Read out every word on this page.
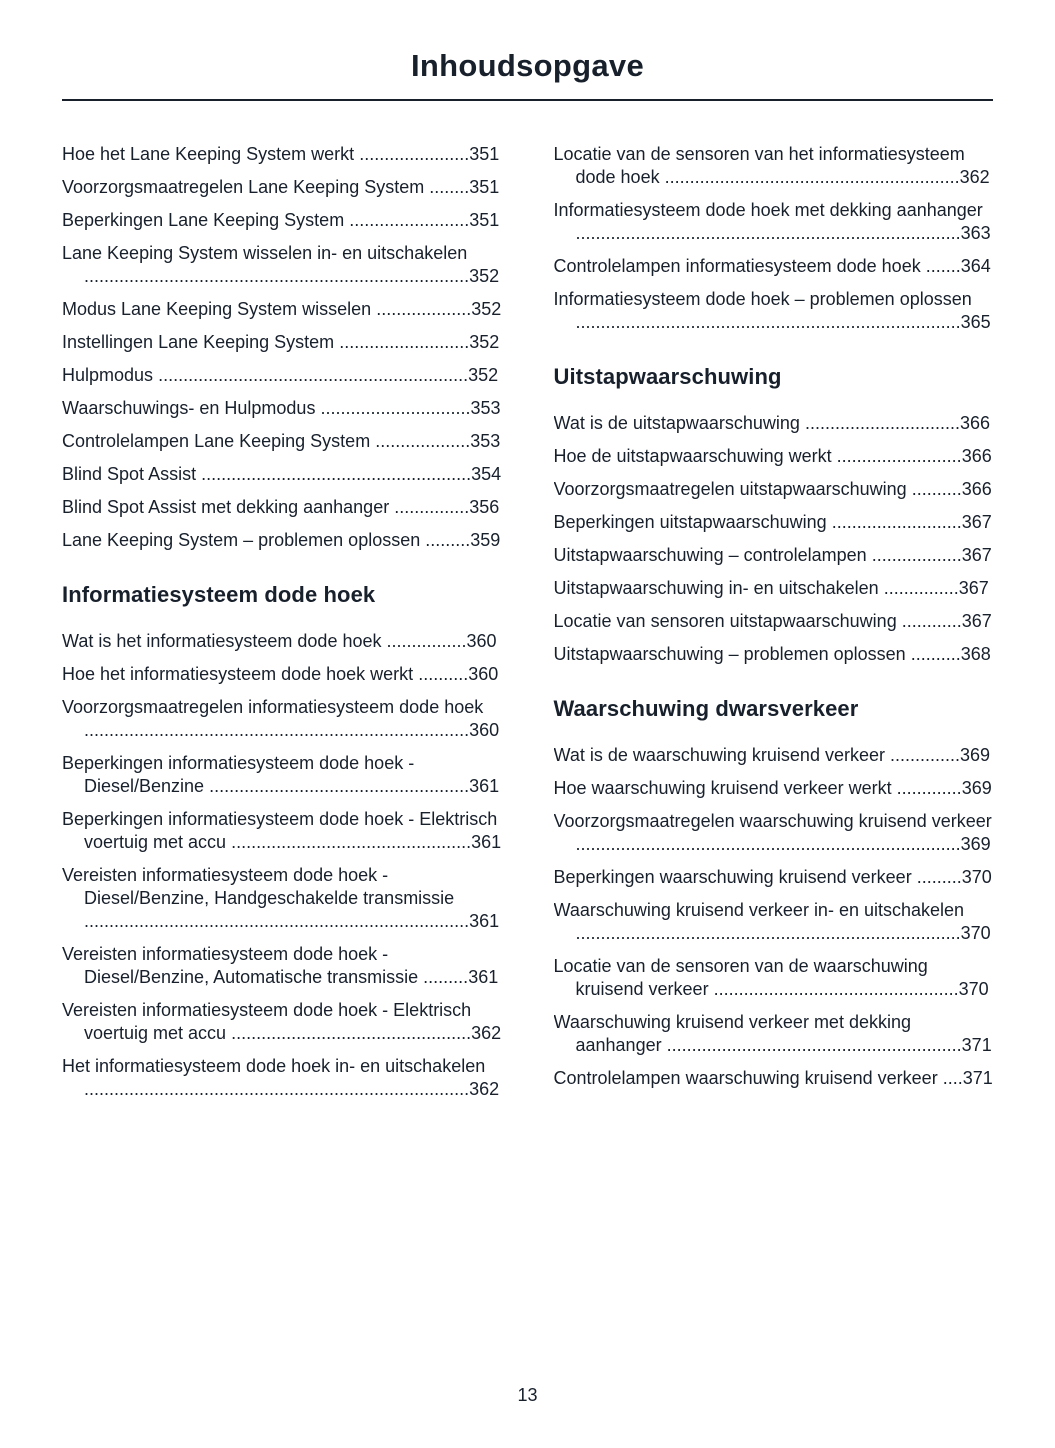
Inhoudsopgave
Hoe het Lane Keeping System werkt ......................351
Voorzorgsmaatregelen Lane Keeping System ........351
Beperkingen Lane Keeping System ........................351
Lane Keeping System wisselen in- en uitschakelen .............................................................................352
Modus Lane Keeping System wisselen ...................352
Instellingen Lane Keeping System ..........................352
Hulpmodus ..............................................................352
Waarschuwings- en Hulpmodus ..............................353
Controlelampen Lane Keeping System ...................353
Blind Spot Assist ......................................................354
Blind Spot Assist met dekking aanhanger ...............356
Lane Keeping System – problemen oplossen .........359
Informatiesysteem dode hoek
Wat is het informatiesysteem dode hoek ................360
Hoe het informatiesysteem dode hoek werkt ..........360
Voorzorgsmaatregelen informatiesysteem dode hoek .............................................................................360
Beperkingen informatiesysteem dode hoek - Diesel/Benzine ....................................................361
Beperkingen informatiesysteem dode hoek - Elektrisch voertuig met accu ................................................361
Vereisten informatiesysteem dode hoek - Diesel/Benzine, Handgeschakelde transmissie .............................................................................361
Vereisten informatiesysteem dode hoek - Diesel/Benzine, Automatische transmissie .........361
Vereisten informatiesysteem dode hoek - Elektrisch voertuig met accu ................................................362
Het informatiesysteem dode hoek in- en uitschakelen .............................................................................362
Locatie van de sensoren van het informatiesysteem dode hoek ...........................................................362
Informatiesysteem dode hoek met dekking aanhanger .............................................................................363
Controlelampen informatiesysteem dode hoek .......364
Informatiesysteem dode hoek – problemen oplossen .............................................................................365
Uitstapwaarschuwing
Wat is de uitstapwaarschuwing ...............................366
Hoe de uitstapwaarschuwing werkt .........................366
Voorzorgsmaatregelen uitstapwaarschuwing ..........366
Beperkingen uitstapwaarschuwing ..........................367
Uitstapwaarschuwing – controlelampen ..................367
Uitstapwaarschuwing in- en uitschakelen ...............367
Locatie van sensoren uitstapwaarschuwing ............367
Uitstapwaarschuwing – problemen oplossen ..........368
Waarschuwing dwarsverkeer
Wat is de waarschuwing kruisend verkeer ..............369
Hoe waarschuwing kruisend verkeer werkt .............369
Voorzorgsmaatregelen waarschuwing kruisend verkeer .............................................................................369
Beperkingen waarschuwing kruisend verkeer .........370
Waarschuwing kruisend verkeer in- en uitschakelen .............................................................................370
Locatie van de sensoren van de waarschuwing kruisend verkeer .................................................370
Waarschuwing kruisend verkeer met dekking aanhanger ...........................................................371
Controlelampen waarschuwing kruisend verkeer ....371
13
